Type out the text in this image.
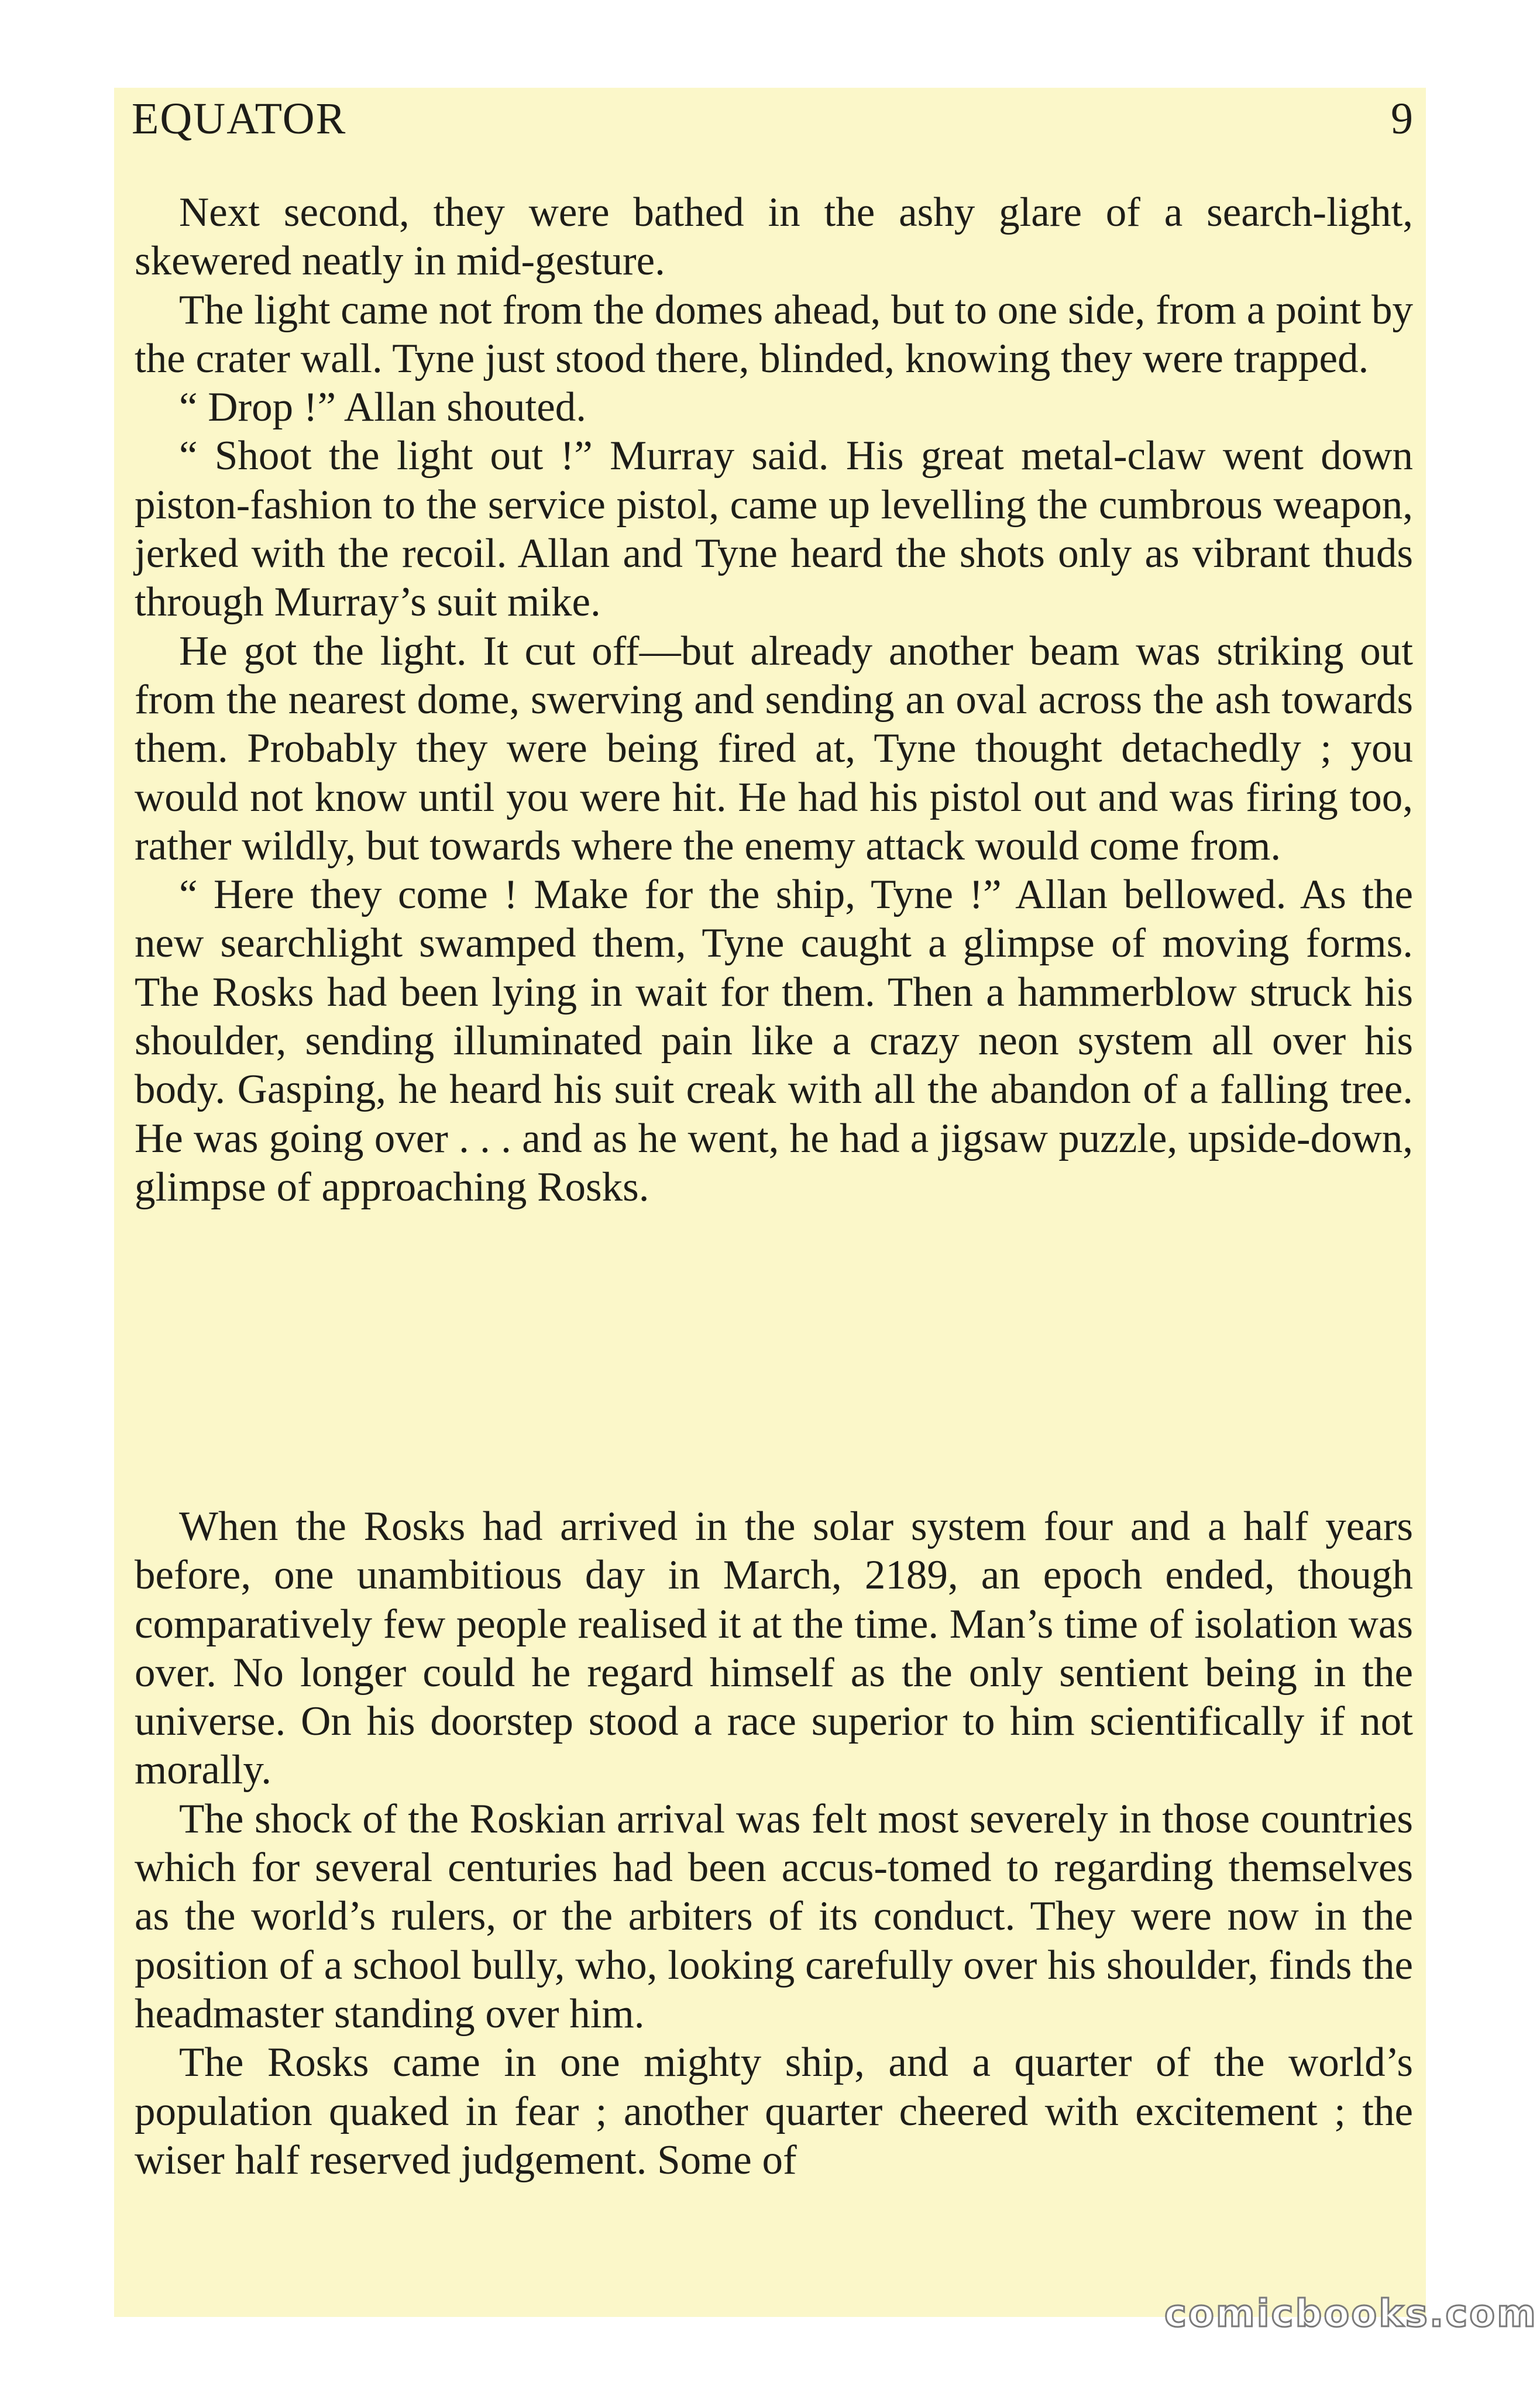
EQUATOR	9

Next second, they were bathed in the ashy glare of a search-light, skewered neatly in mid-gesture.

The light came not from the domes ahead, but to one side, from a point by the crater wall. Tyne just stood there, blinded, knowing they were trapped.

“ Drop !” Allan shouted.

“ Shoot the light out !” Murray said. His great metal-claw went down piston-fashion to the service pistol, came up levelling the cumbrous weapon, jerked with the recoil. Allan and Tyne heard the shots only as vibrant thuds through Murray’s suit mike.

He got the light. It cut off—but already another beam was striking out from the nearest dome, swerving and sending an oval across the ash towards them. Probably they were being fired at, Tyne thought detachedly ; you would not know until you were hit. He had his pistol out and was firing too, rather wildly, but towards where the enemy attack would come from.

“ Here they come ! Make for the ship, Tyne !” Allan bellowed. As the new searchlight swamped them, Tyne caught a glimpse of moving forms. The Rosks had been lying in wait for them. Then a hammerblow struck his shoulder, sending illuminated pain like a crazy neon system all over his body. Gasping, he heard his suit creak with all the abandon of a falling tree. He was going over . . . and as he went, he had a jigsaw puzzle, upside-down, glimpse of approaching Rosks.

When the Rosks had arrived in the solar system four and a half years before, one unambitious day in March, 2189, an epoch ended, though comparatively few people realised it at the time. Man’s time of isolation was over. No longer could he regard himself as the only sentient being in the universe. On his doorstep stood a race superior to him scientifically if not morally.

The shock of the Roskian arrival was felt most severely in those countries which for several centuries had been accus-tomed to regarding themselves as the world’s rulers, or the arbiters of its conduct. They were now in the position of a school bully, who, looking carefully over his shoulder, finds the headmaster standing over him.

The Rosks came in one mighty ship, and a quarter of the world’s population quaked in fear ; another quarter cheered with excitement ; the wiser half reserved judgement. Some of

comicbooks.com
